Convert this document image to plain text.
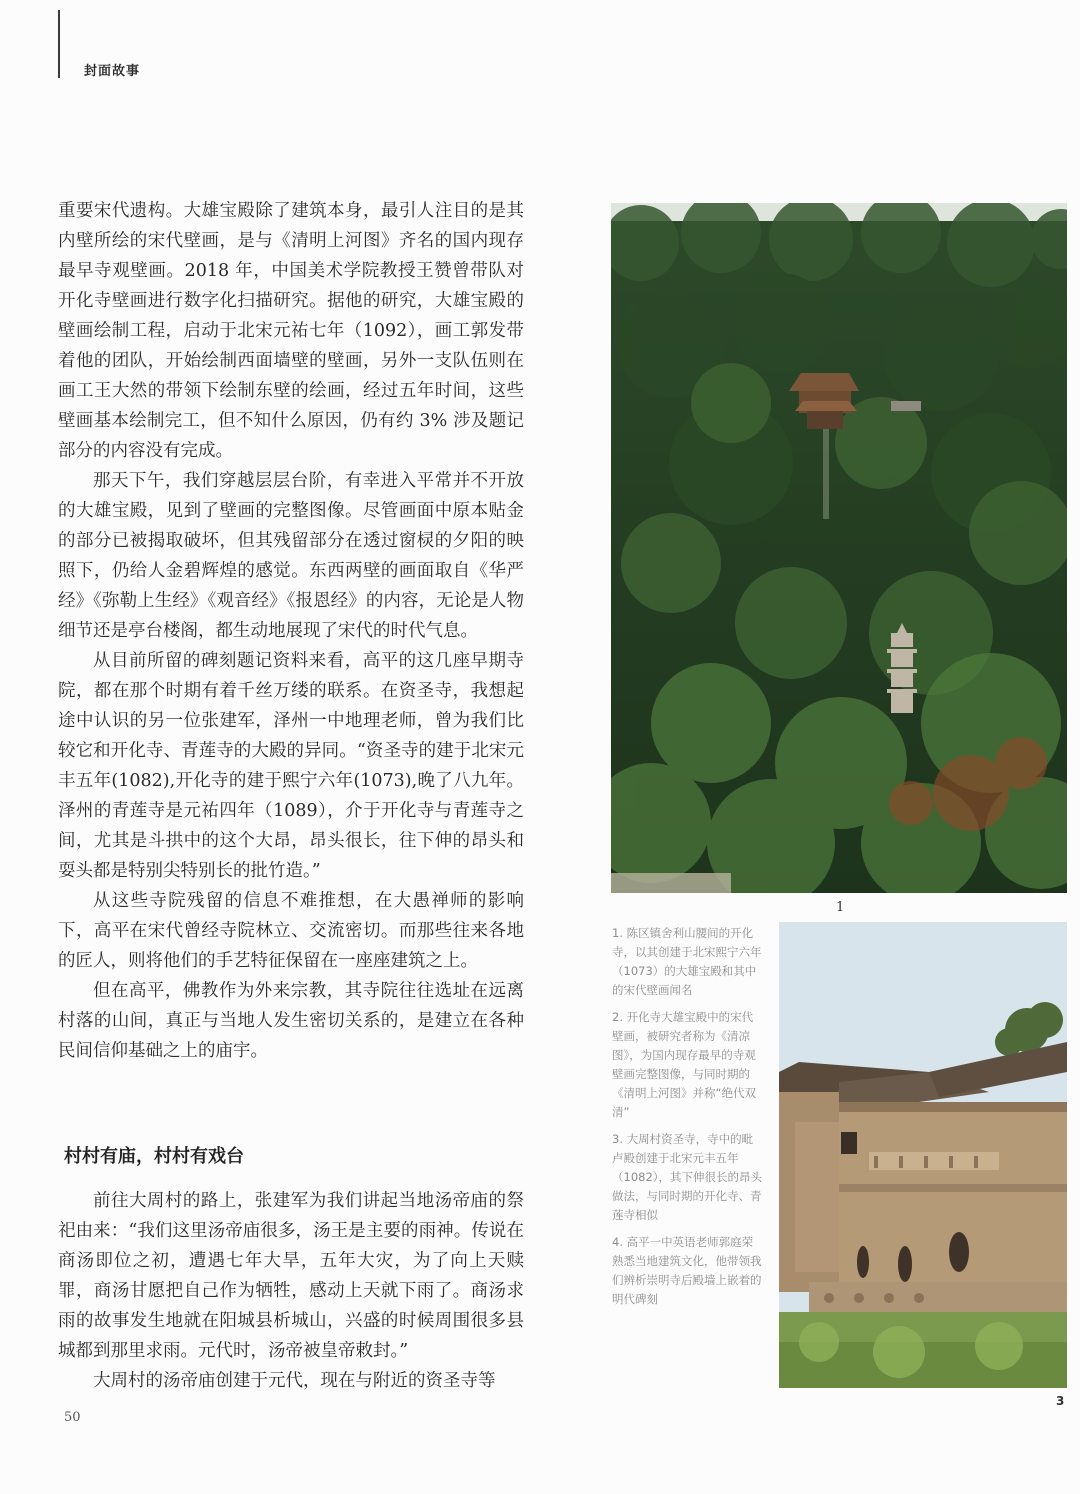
封面故事

重要宋代遗构。大雄宝殿除了建筑本身，最引人注目的是其内壁所绘的宋代壁画，是与《清明上河图》齐名的国内现存最早寺观壁画。2018 年，中国美术学院教授王赞曾带队对开化寺壁画进行数字化扫描研究。据他的研究，大雄宝殿的壁画绘制工程，启动于北宋元祐七年（1092），画工郭发带着他的团队，开始绘制西面墙壁的壁画，另外一支队伍则在画工王大然的带领下绘制东壁的绘画，经过五年时间，这些壁画基本绘制完工，但不知什么原因，仍有约 3% 涉及题记部分的内容没有完成。

那天下午，我们穿越层层台阶，有幸进入平常并不开放的大雄宝殿，见到了壁画的完整图像。尽管画面中原本贴金的部分已被揭取破坏，但其残留部分在透过窗棂的夕阳的映照下，仍给人金碧辉煌的感觉。东西两壁的画面取自《华严经》《弥勒上生经》《观音经》《报恩经》的内容，无论是人物细节还是亭台楼阁，都生动地展现了宋代的时代气息。

从目前所留的碑刻题记资料来看，高平的这几座早期寺院，都在那个时期有着千丝万缕的联系。在资圣寺，我想起途中认识的另一位张建军，泽州一中地理老师，曾为我们比较它和开化寺、青莲寺的大殿的异同。“资圣寺的建于北宋元丰五年(1082),开化寺的建于熙宁六年(1073),晚了八九年。泽州的青莲寺是元祐四年（1089），介于开化寺与青莲寺之间，尤其是斗拱中的这个大昂，昂头很长，往下伸的昂头和耍头都是特别尖特别长的批竹造。”

从这些寺院残留的信息不难推想，在大愚禅师的影响下，高平在宋代曾经寺院林立、交流密切。而那些往来各地的匠人，则将他们的手艺特征保留在一座座建筑之上。

但在高平，佛教作为外来宗教，其寺院往往选址在远离村落的山间，真正与当地人发生密切关系的，是建立在各种民间信仰基础之上的庙宇。

村村有庙，村村有戏台

前往大周村的路上，张建军为我们讲起当地汤帝庙的祭祀由来：“我们这里汤帝庙很多，汤王是主要的雨神。传说在商汤即位之初，遭遇七年大旱，五年大灾，为了向上天赎罪，商汤甘愿把自己作为牺牲，感动上天就下雨了。商汤求雨的故事发生地就在阳城县析城山，兴盛的时候周围很多县城都到那里求雨。元代时，汤帝被皇帝敕封。”

大周村的汤帝庙创建于元代，现在与附近的资圣寺等

50
1

1. 陈区镇舍利山腰间的开化寺，以其创建于北宋熙宁六年（1073）的大雄宝殿和其中的宋代壁画闻名

2. 开化寺大雄宝殿中的宋代壁画，被研究者称为《清凉图》，为国内现存最早的寺观壁画完整图像，与同时期的《清明上河图》并称“绝代双清”

3. 大周村资圣寺，寺中的毗卢殿创建于北宋元丰五年（1082），其下伸很长的昂头做法，与同时期的开化寺、青莲寺相似

4. 高平一中英语老师郭庭荣熟悉当地建筑文化，他带领我们辨析崇明寺后殿墙上嵌着的明代碑刻

3
